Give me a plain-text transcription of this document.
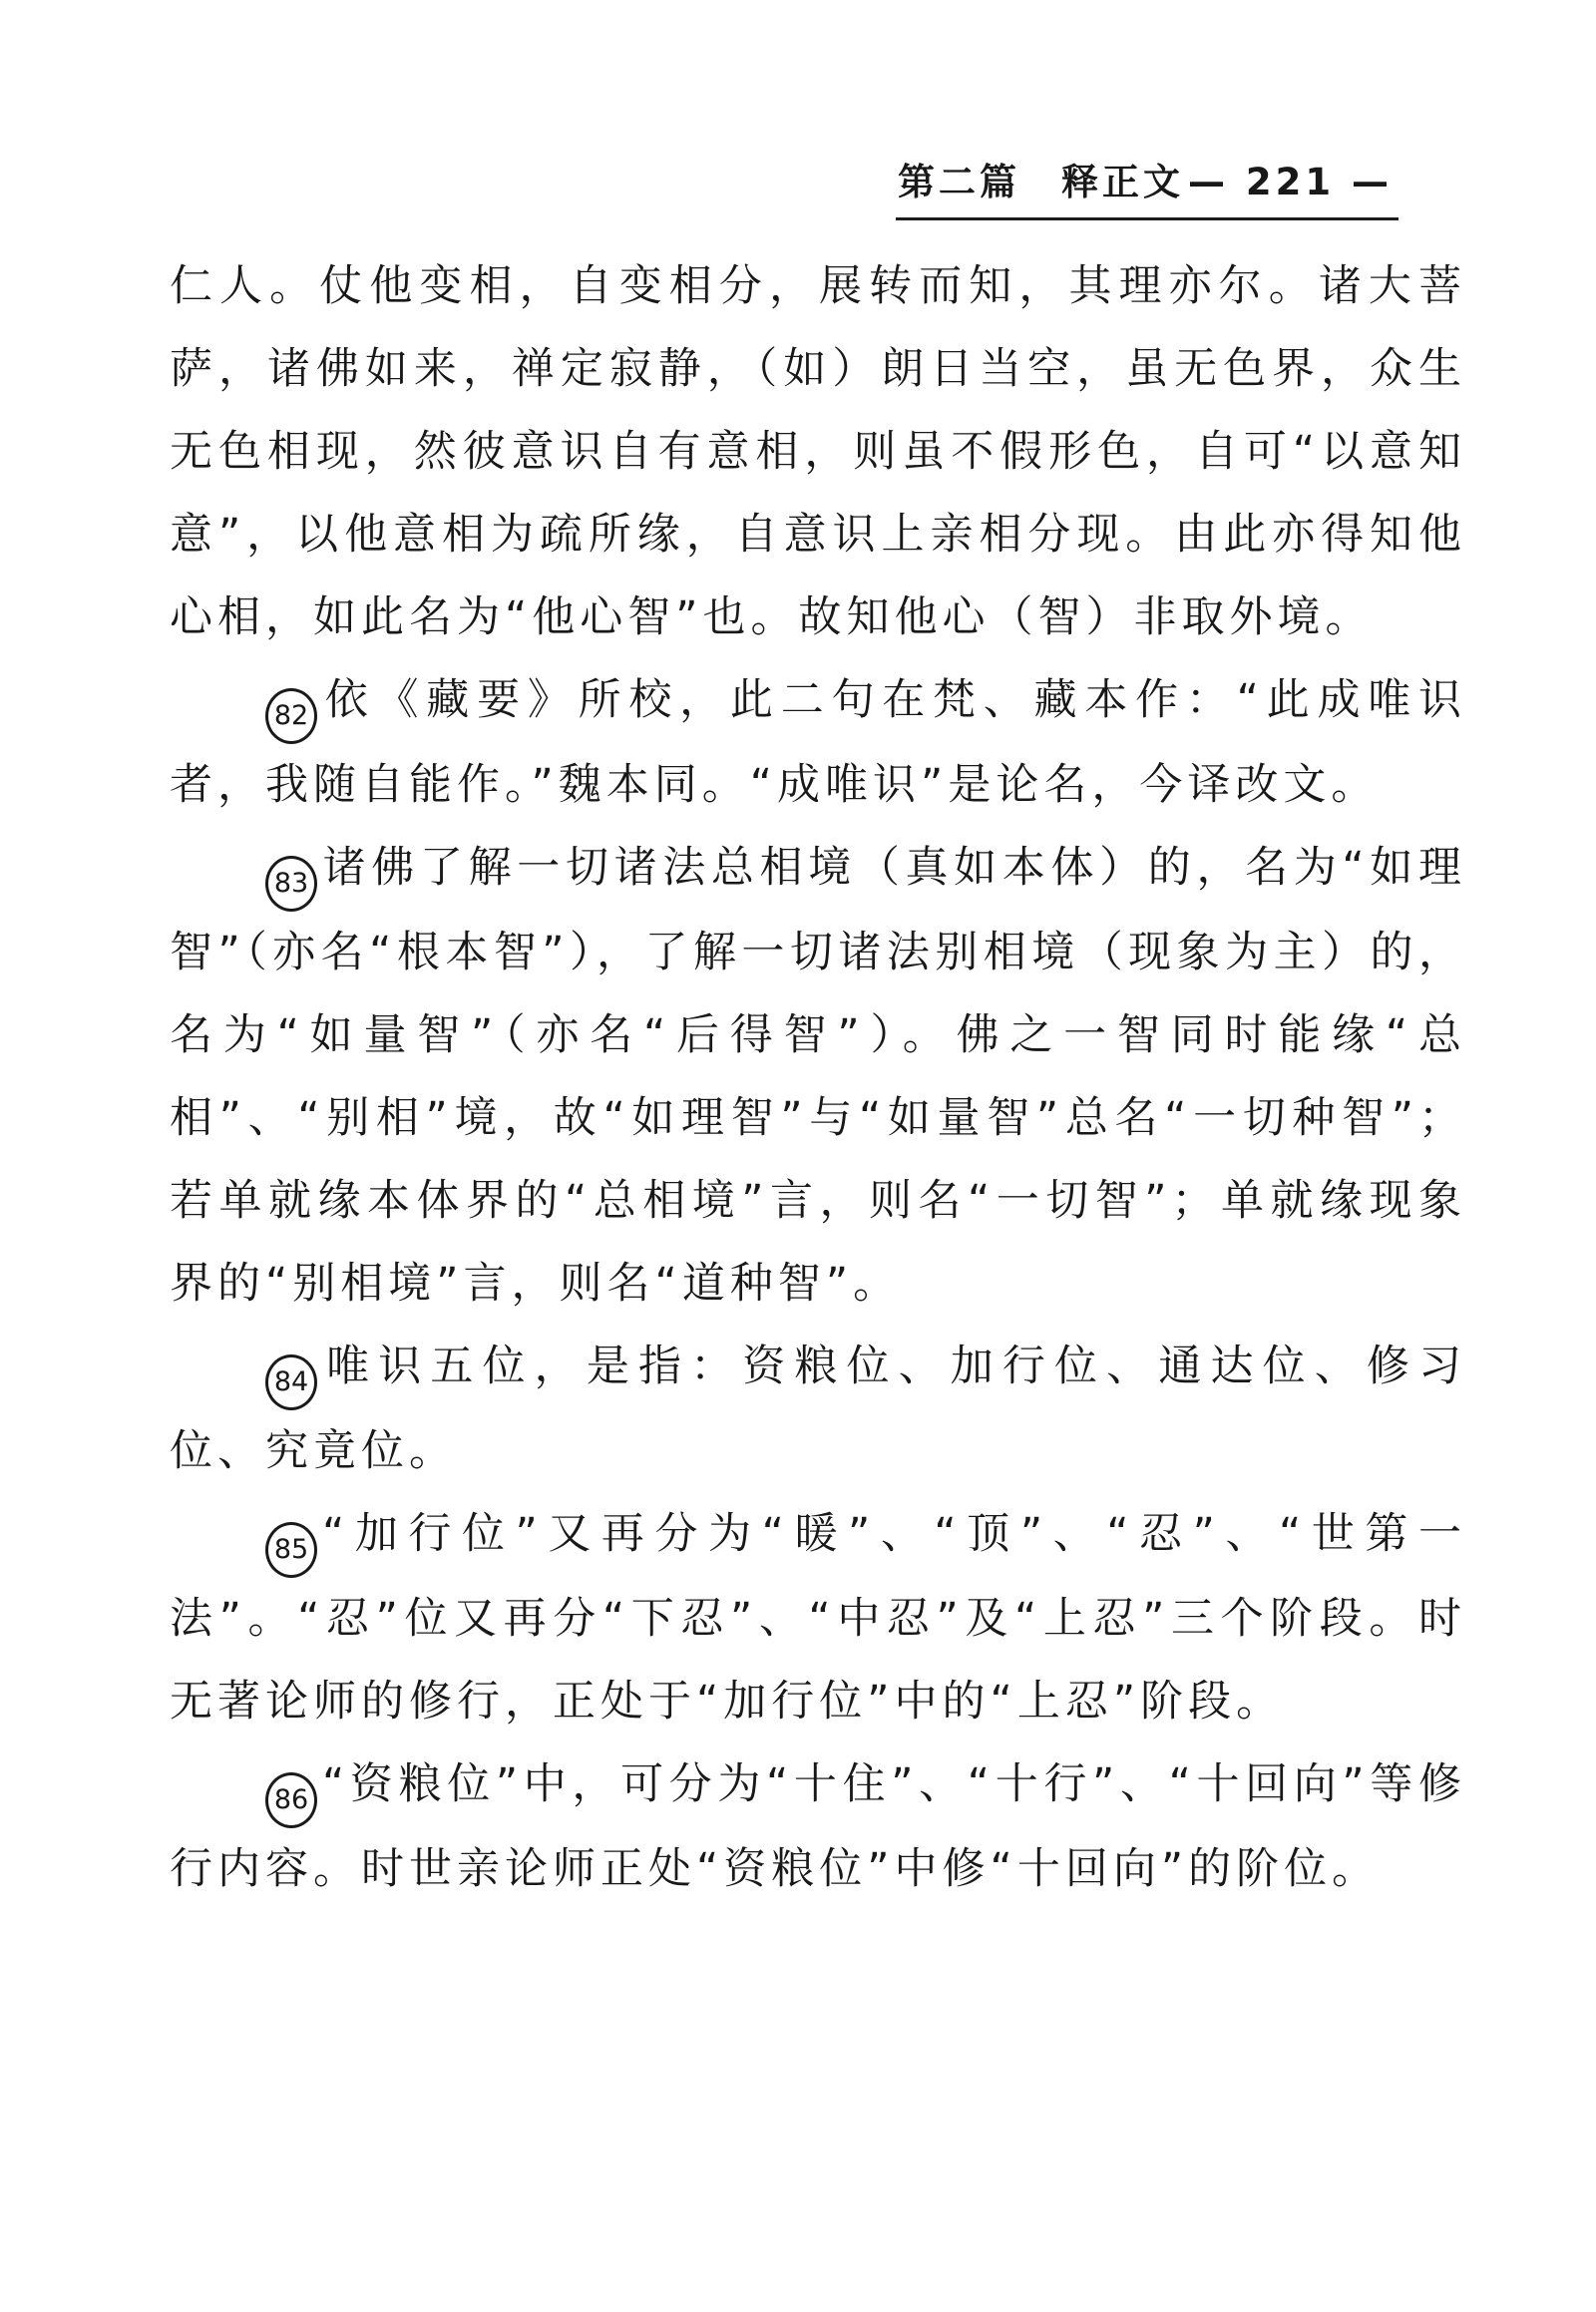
第二篇　释正文 — 221 —

仁人。仗他变相，自变相分，展转而知，其理亦尔。诸大菩萨，诸佛如来，禅定寂静，（如）朗日当空，虽无色界，众生无色相现，然彼意识自有意相，则虽不假形色，自可“以意知意”，以他意相为疏所缘，自意识上亲相分现。由此亦得知他心相，如此名为“他心智”也。故知他心（智）非取外境。

82 依《藏要》所校，此二句在梵、藏本作：“此成唯识者，我随自能作。”魏本同。“成唯识”是论名，今译改文。

83 诸佛了解一切诸法总相境（真如本体）的，名为“如理智”（亦名“根本智”），了解一切诸法别相境（现象为主）的，名为“如量智”（亦名“后得智”）。佛之一智同时能缘“总相”、“别相”境，故“如理智”与“如量智”总名“一切种智”；若单就缘本体界的“总相境”言，则名“一切智”；单就缘现象界的“别相境”言，则名“道种智”。

84 唯识五位，是指：资粮位、加行位、通达位、修习位、究竟位。

85 “加行位”又再分为“暖”、“顶”、“忍”、“世第一法”。“忍”位又再分“下忍”、“中忍”及“上忍”三个阶段。时无著论师的修行，正处于“加行位”中的“上忍”阶段。

86 “资粮位”中，可分为“十住”、“十行”、“十回向”等修行内容。时世亲论师正处“资粮位”中修“十回向”的阶位。
